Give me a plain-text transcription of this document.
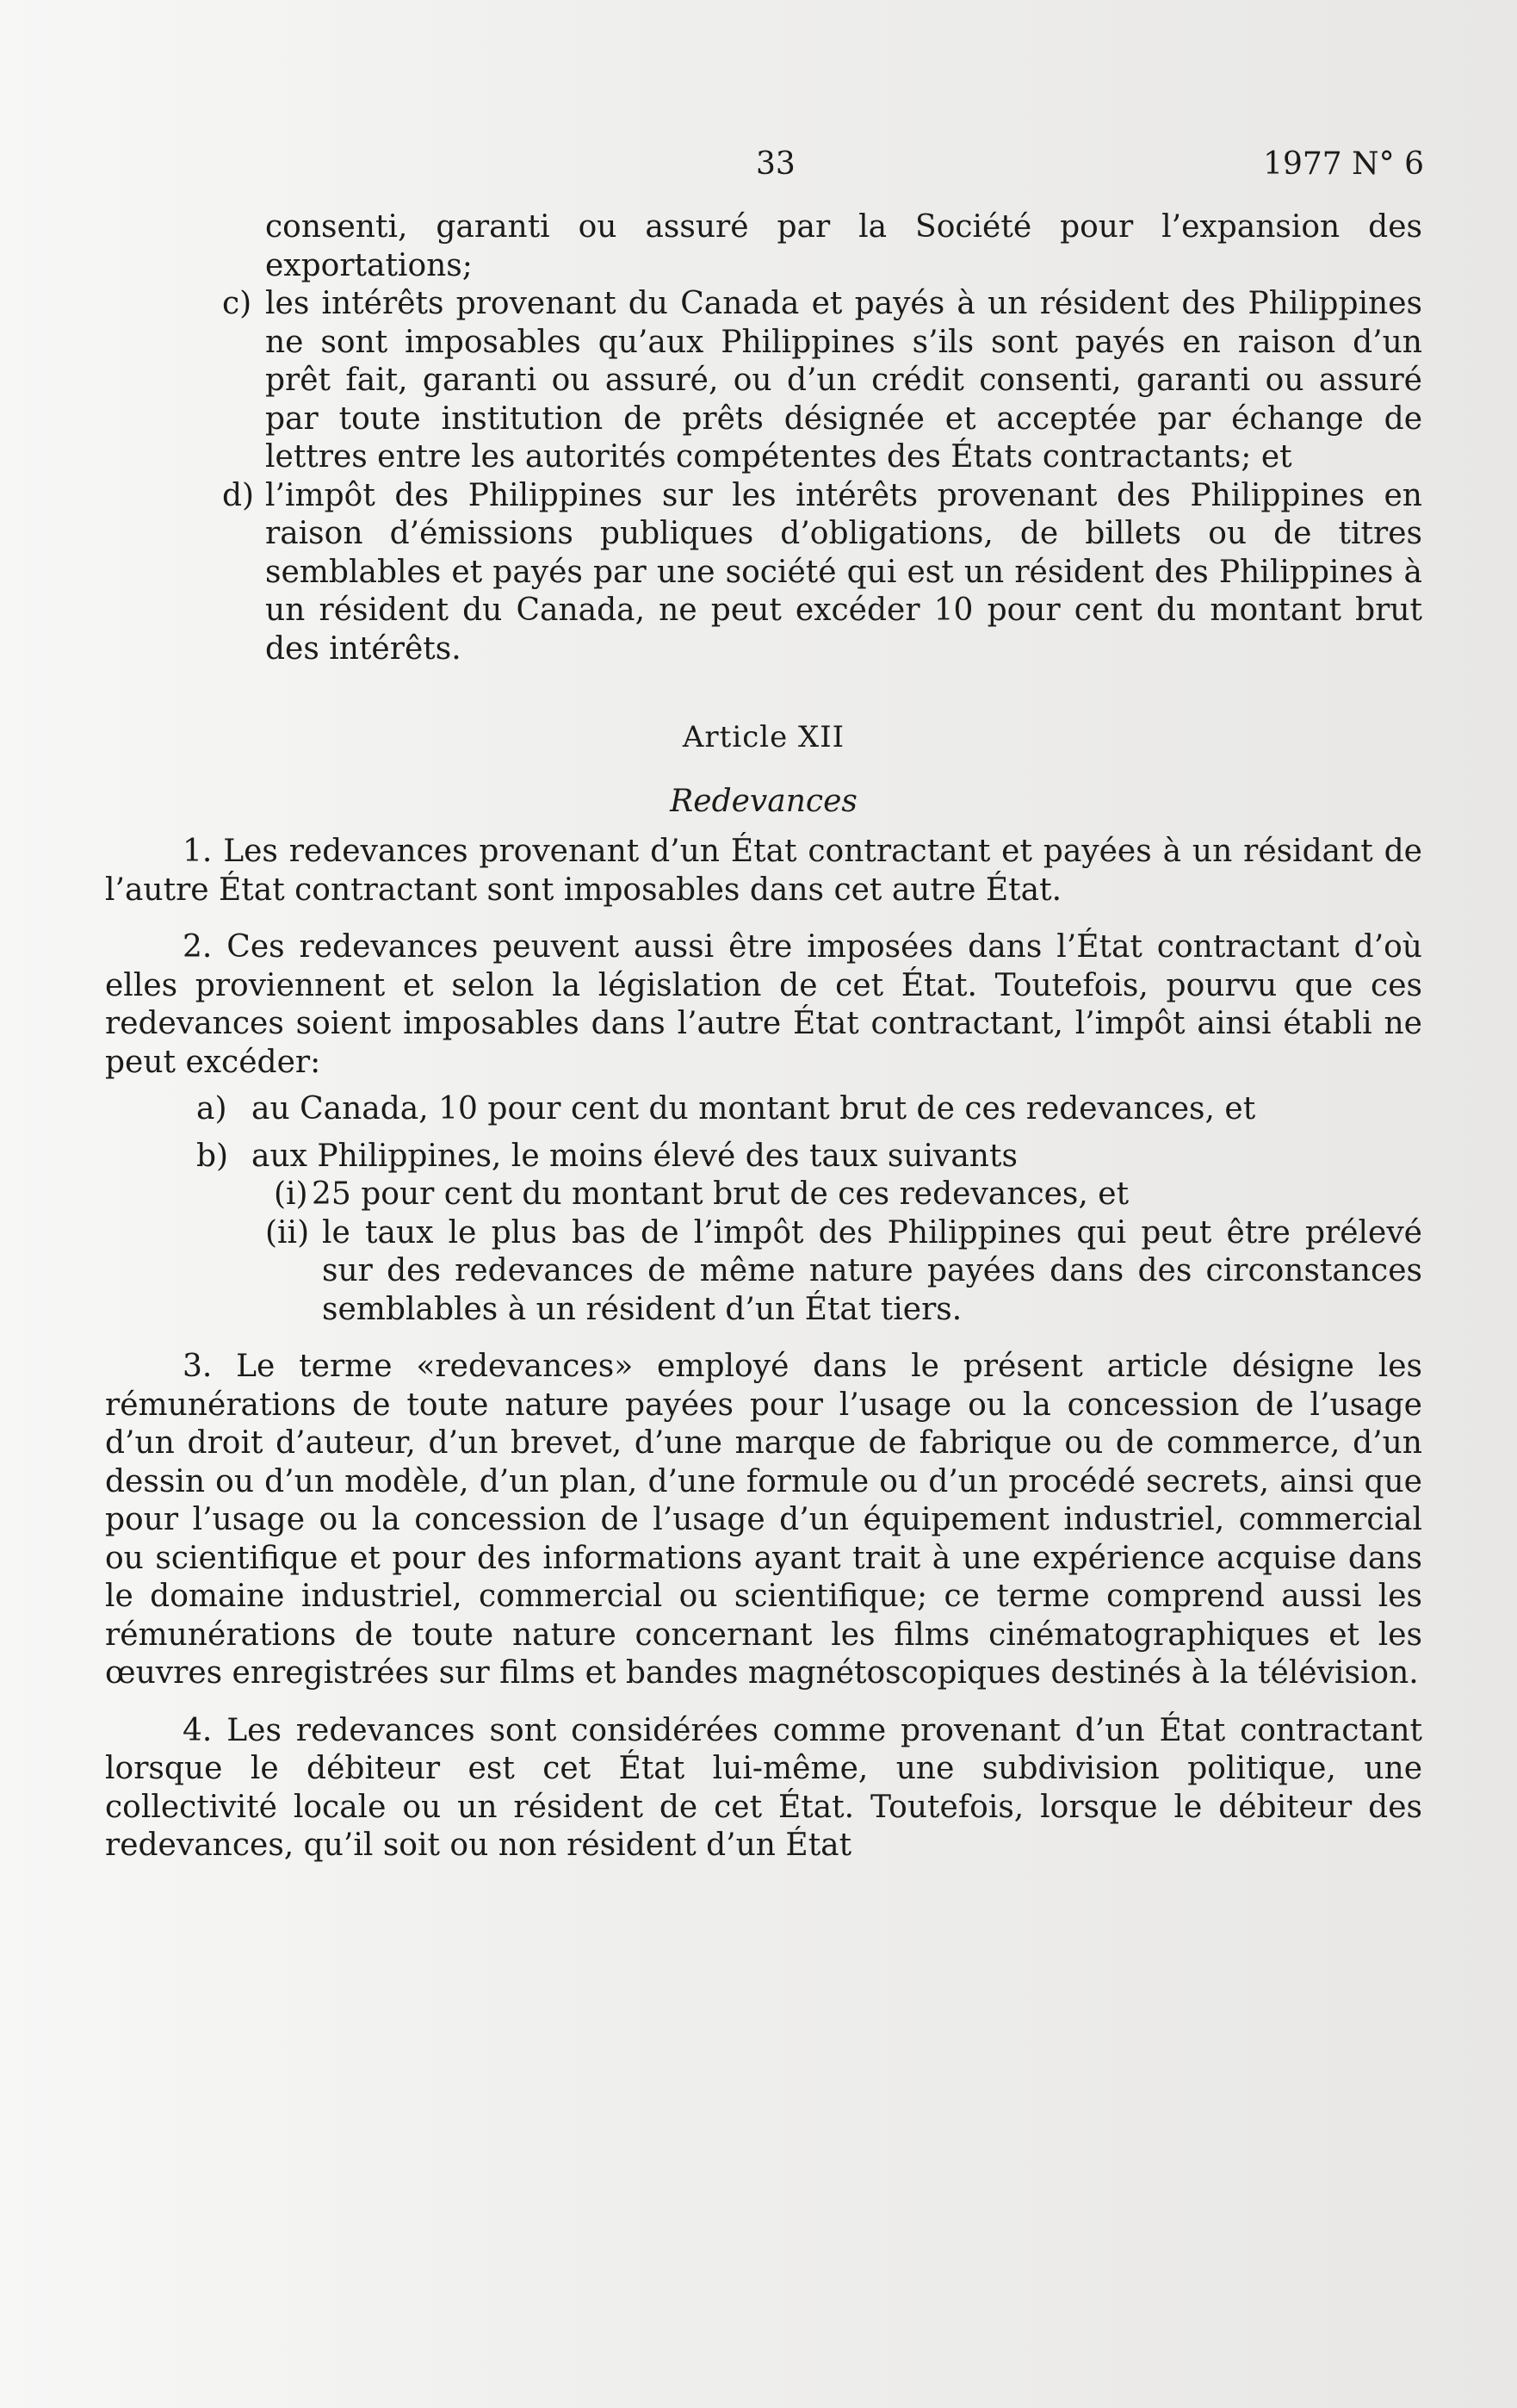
33	1977 N° 6

consenti, garanti ou assuré par la Société pour l’expansion des exportations;

c) les intérêts provenant du Canada et payés à un résident des Philippines ne sont imposables qu’aux Philippines s’ils sont payés en raison d’un prêt fait, garanti ou assuré, ou d’un crédit consenti, garanti ou assuré par toute institution de prêts désignée et acceptée par échange de lettres entre les autorités compétentes des États contractants; et
d) l’impôt des Philippines sur les intérêts provenant des Philippines en raison d’émissions publiques d’obligations, de billets ou de titres semblables et payés par une société qui est un résident des Philippines à un résident du Canada, ne peut excéder 10 pour cent du montant brut des intérêts.
Article XII
Redevances

1. Les redevances provenant d’un État contractant et payées à un résidant de l’autre État contractant sont imposables dans cet autre État.

2. Ces redevances peuvent aussi être imposées dans l’État contractant d’où elles proviennent et selon la législation de cet État. Toutefois, pourvu que ces redevances soient imposables dans l’autre État contractant, l’impôt ainsi établi ne peut excéder:

a) au Canada, 10 pour cent du montant brut de ces redevances, et
b) aux Philippines, le moins élevé des taux suivants
(i) 25 pour cent du montant brut de ces redevances, et
(ii) le taux le plus bas de l’impôt des Philippines qui peut être prélevé sur des redevances de même nature payées dans des circonstances semblables à un résident d’un État tiers.

3. Le terme «redevances» employé dans le présent article désigne les rémunérations de toute nature payées pour l’usage ou la concession de l’usage d’un droit d’auteur, d’un brevet, d’une marque de fabrique ou de commerce, d’un dessin ou d’un modèle, d’un plan, d’une formule ou d’un procédé secrets, ainsi que pour l’usage ou la concession de l’usage d’un équipement industriel, commercial ou scientifique et pour des informations ayant trait à une expérience acquise dans le domaine industriel, commercial ou scientifique; ce terme comprend aussi les rémunérations de toute nature concernant les films cinématographiques et les œuvres enregistrées sur films et bandes magnétoscopiques destinés à la télévision.

4. Les redevances sont considérées comme provenant d’un État contractant lorsque le débiteur est cet État lui-même, une subdivision politique, une collectivité locale ou un résident de cet État. Toutefois, lorsque le débiteur des redevances, qu’il soit ou non résident d’un État
